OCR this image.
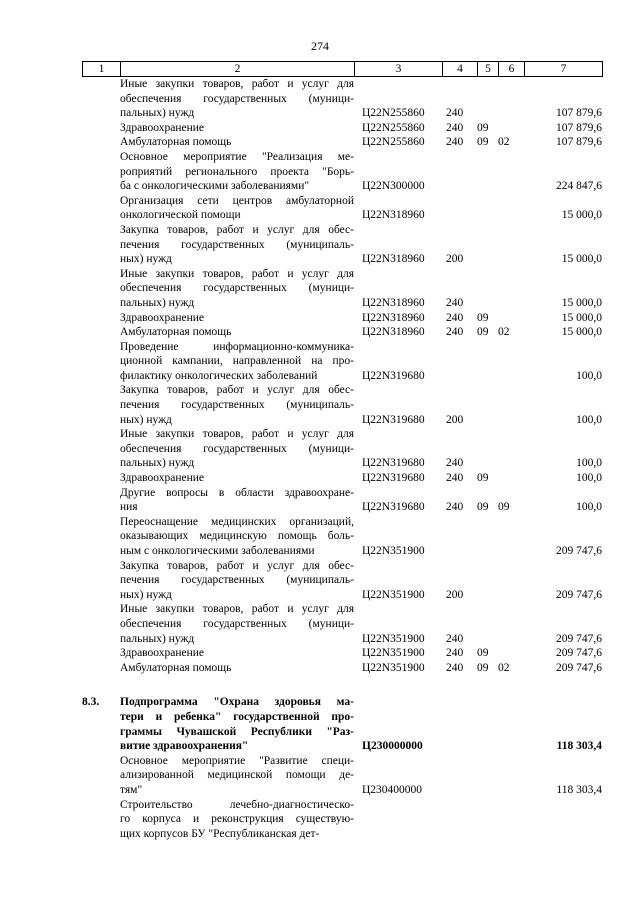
274
1	2	3	4	5	6	7
Иные закупки товаров, работ и услуг для
обеспечения государственных (муници-
пальных) нужд	Ц22N255860	240	107 879,6
Здравоохранение	Ц22N255860	240	09	107 879,6
Амбулаторная помощь	Ц22N255860	240	09 02	107 879,6
Основное мероприятие "Реализация ме-
роприятий регионального проекта "Борь-
ба с онкологическими заболеваниями"	Ц22N300000	224 847,6
Организация сети центров амбулаторной
онкологической помощи	Ц22N318960	15 000,0
Закупка товаров, работ и услуг для обес-
печения государственных (муниципаль-
ных) нужд	Ц22N318960	200	15 000,0
Иные закупки товаров, работ и услуг для
обеспечения государственных (муници-
пальных) нужд	Ц22N318960	240	15 000,0
Здравоохранение	Ц22N318960	240	09	15 000,0
Амбулаторная помощь	Ц22N318960	240	09 02	15 000,0
Проведение информационно-коммуника-
ционной кампании, направленной на про-
филактику онкологических заболеваний	Ц22N319680	100,0
Закупка товаров, работ и услуг для обес-
печения государственных (муниципаль-
ных) нужд	Ц22N319680	200	100,0
Иные закупки товаров, работ и услуг для
обеспечения государственных (муници-
пальных) нужд	Ц22N319680	240	100,0
Здравоохранение	Ц22N319680	240	09	100,0
Другие вопросы в области здравоохране-
ния	Ц22N319680	240	09 09	100,0
Переоснащение медицинских организаций,
оказывающих медицинскую помощь боль-
ным с онкологическими заболеваниями	Ц22N351900	209 747,6
Закупка товаров, работ и услуг для обес-
печения государственных (муниципаль-
ных) нужд	Ц22N351900	200	209 747,6
Иные закупки товаров, работ и услуг для
обеспечения государственных (муници-
пальных) нужд	Ц22N351900	240	209 747,6
Здравоохранение	Ц22N351900	240	09	209 747,6
Амбулаторная помощь	Ц22N351900	240	09 02	209 747,6
8.3.	Подпрограмма "Охрана здоровья ма-
тери и ребенка" государственной про-
граммы Чувашской Республики "Раз-
витие здравоохранения"	Ц230000000	118 303,4
Основное мероприятие "Развитие специ-
ализированной медицинской помощи де-
тям"	Ц230400000	118 303,4
Строительство лечебно-диагностическо-
го корпуса и реконструкция существую-
щих корпусов БУ "Республиканская дет-
